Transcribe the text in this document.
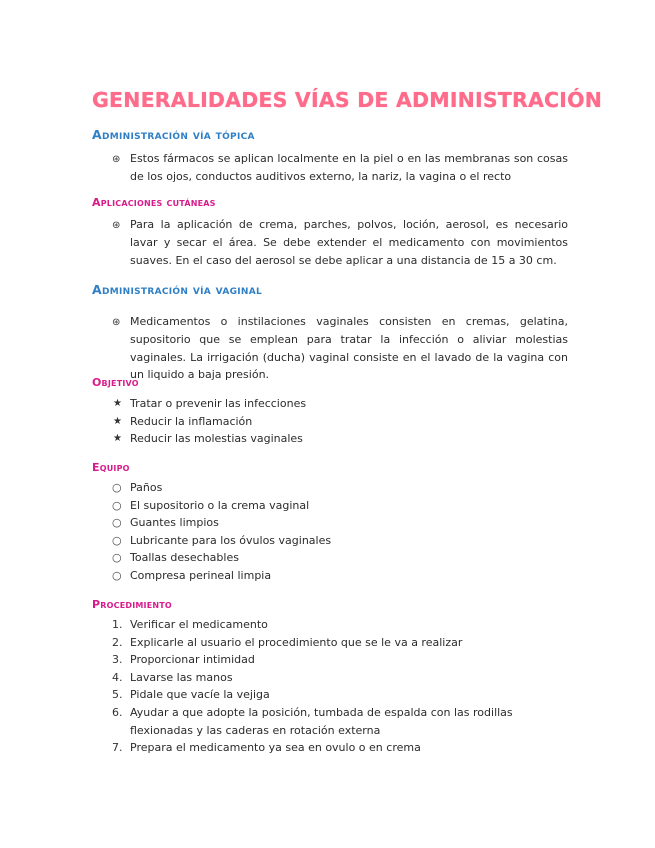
GENERALIDADES VÍAS DE ADMINISTRACIÓN
Administración vía tópica
⊛ Estos fármacos se aplican localmente en la piel o en las membranas son cosas de los ojos, conductos auditivos externo, la nariz, la vagina o el recto
Aplicaciones cutáneas
⊛ Para la aplicación de crema, parches, polvos, loción, aerosol, es necesario lavar y secar el área. Se debe extender el medicamento con movimientos suaves. En el caso del aerosol se debe aplicar a una distancia de 15 a 30 cm.
Administración vía vaginal
⊛ Medicamentos o instilaciones vaginales consisten en cremas, gelatina, supositorio que se emplean para tratar la infección o aliviar molestias vaginales. La irrigación (ducha) vaginal consiste en el lavado de la vagina con un liquido a baja presión.
Objetivo
★ Tratar o prevenir las infecciones
★ Reducir la inflamación
★ Reducir las molestias vaginales
Equipo
○ Paños
○ El supositorio o la crema vaginal
○ Guantes limpios
○ Lubricante para los óvulos vaginales
○ Toallas desechables
○ Compresa perineal limpia
Procedimiento
1. Verificar el medicamento
2. Explicarle al usuario el procedimiento que se le va a realizar
3. Proporcionar intimidad
4. Lavarse las manos
5. Pidale que vacíe la vejiga
6. Ayudar a que adopte la posición, tumbada de espalda con las rodillas flexionadas y las caderas en rotación externa
7. Prepara el medicamento ya sea en ovulo o en crema
